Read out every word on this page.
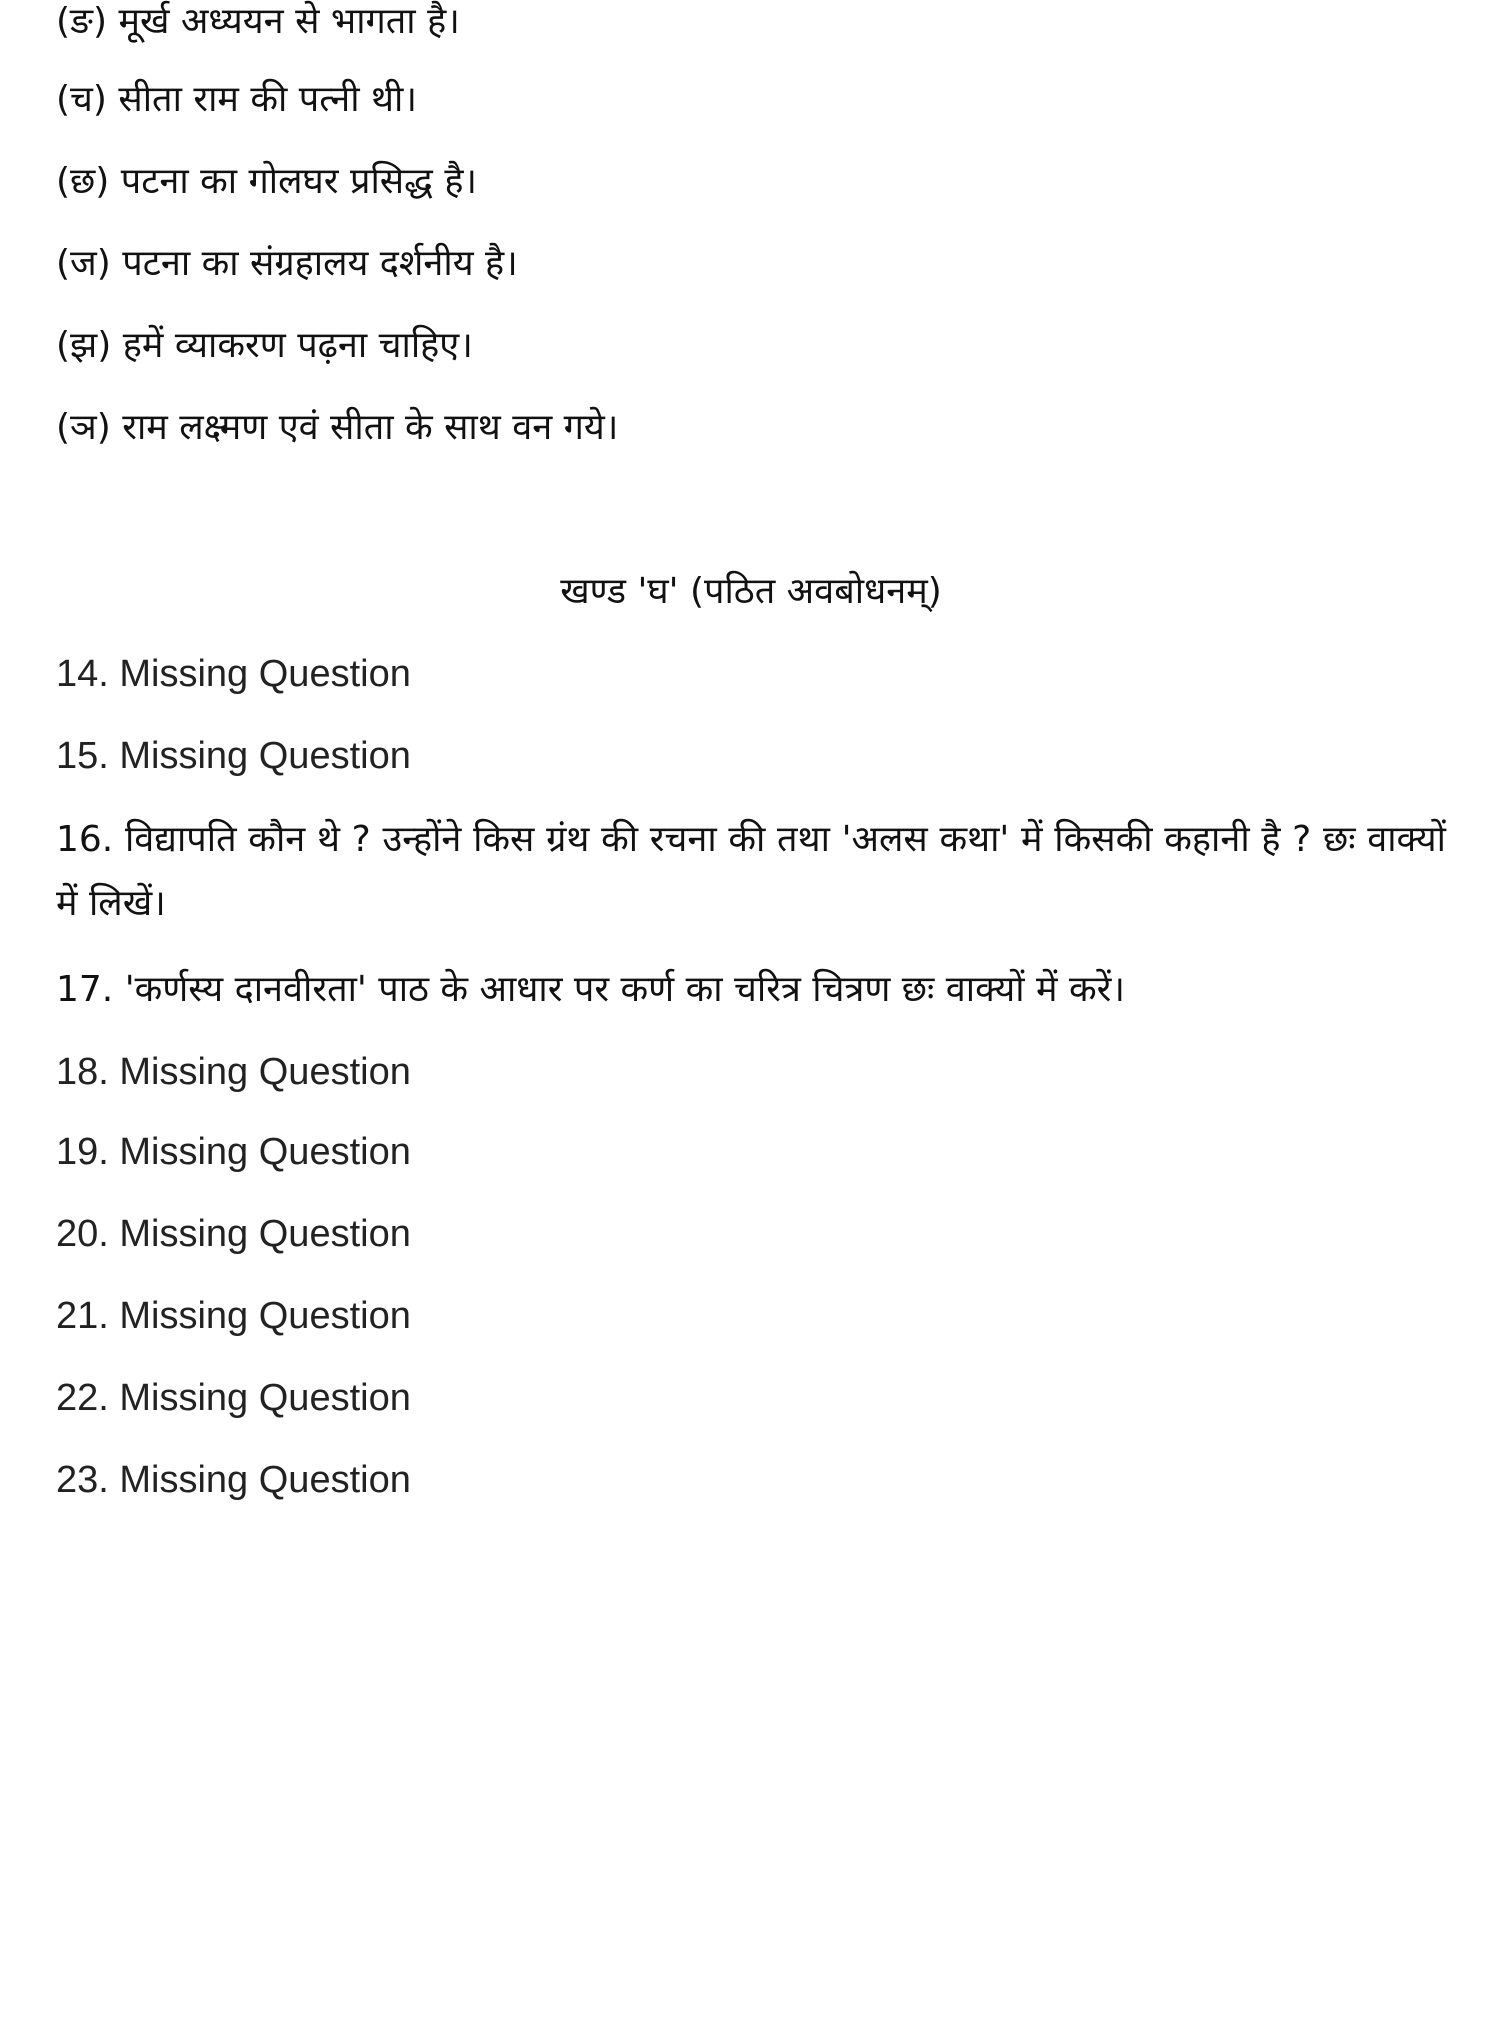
(ङ) मूर्ख अध्ययन से भागता है।
(च) सीता राम की पत्नी थी।
(छ) पटना का गोलघर प्रसिद्ध है।
(ज) पटना का संग्रहालय दर्शनीय है।
(झ) हमें व्याकरण पढ़ना चाहिए।
(ञ) राम लक्ष्मण एवं सीता के साथ वन गये।
खण्ड 'घ' (पठित अवबोधनम्)
14. Missing Question
15. Missing Question
16. विद्यापति कौन थे ? उन्होंने किस ग्रंथ की रचना की तथा 'अलस कथा' में किसकी कहानी है ? छः वाक्यों में लिखें।
17. 'कर्णस्य दानवीरता' पाठ के आधार पर कर्ण का चरित्र चित्रण छः वाक्यों में करें।
18. Missing Question
19. Missing Question
20. Missing Question
21. Missing Question
22. Missing Question
23. Missing Question
